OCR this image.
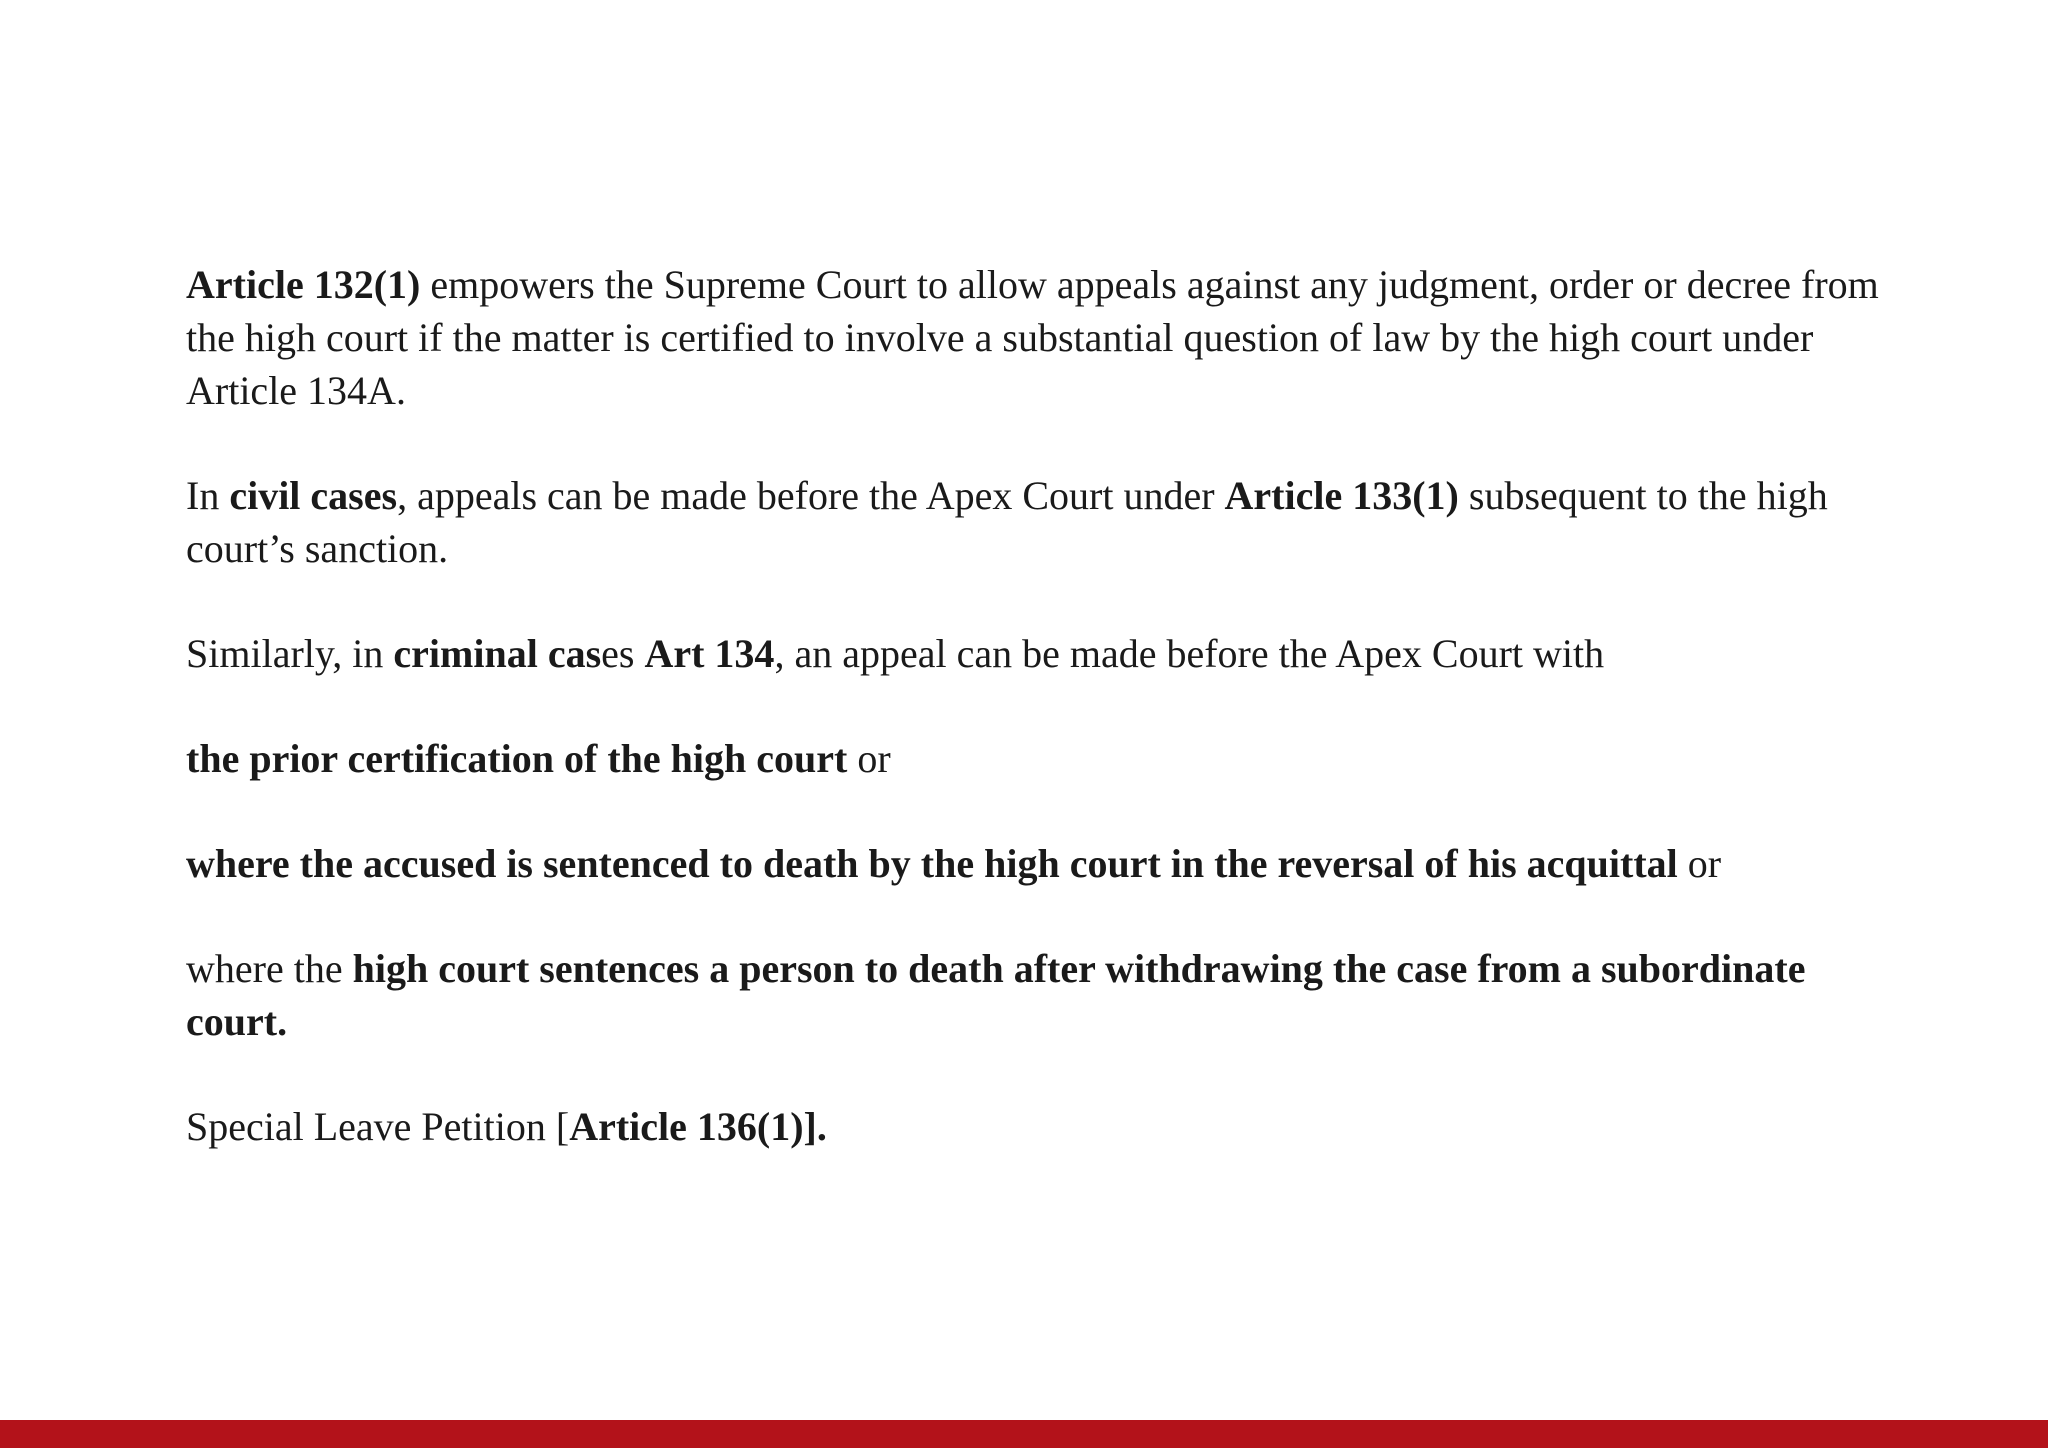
Article 132(1) empowers the Supreme Court to allow appeals against any judgment, order or decree from the high court if the matter is certified to involve a substantial question of law by the high court under Article 134A.

In civil cases, appeals can be made before the Apex Court under Article 133(1) subsequent to the high court’s sanction.

Similarly, in criminal cases Art 134, an appeal can be made before the Apex Court with

the prior certification of the high court or

where the accused is sentenced to death by the high court in the reversal of his acquittal or

where the high court sentences a person to death after withdrawing the case from a subordinate court.

Special Leave Petition [Article 136(1)].
